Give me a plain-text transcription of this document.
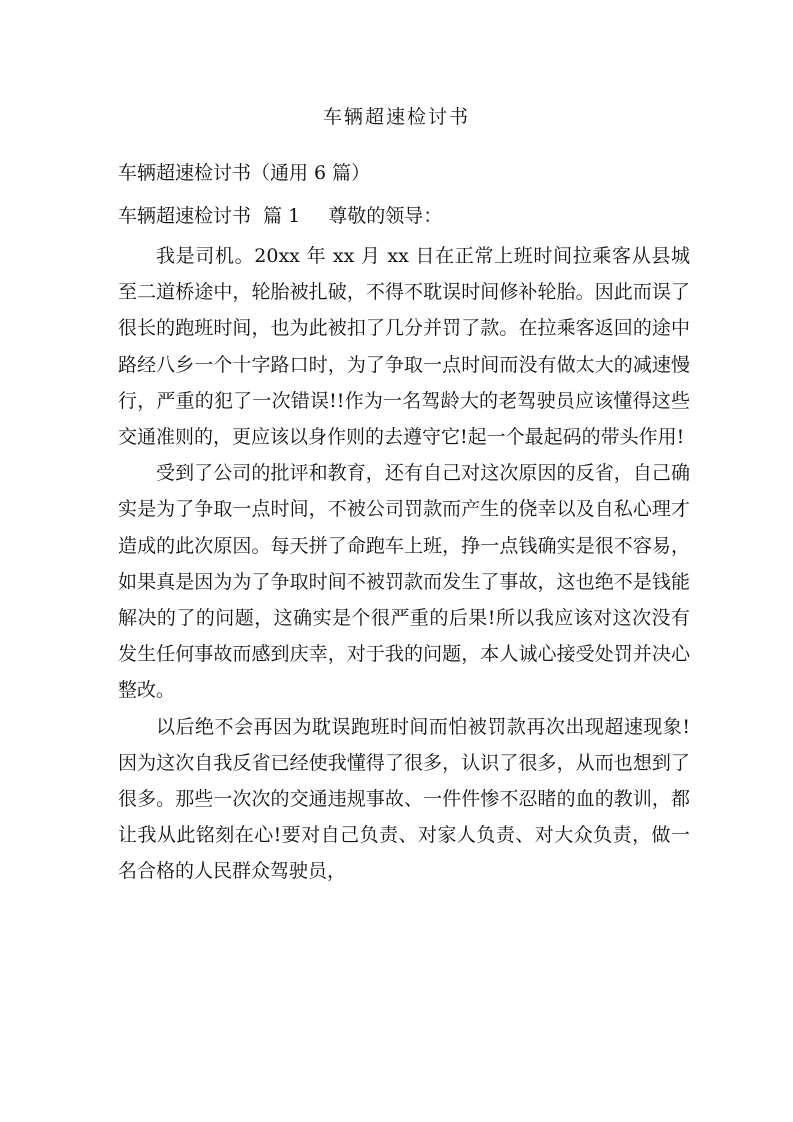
车辆超速检讨书
车辆超速检讨书（通用 6 篇）
车辆超速检讨书  篇 1 尊敬的领导：

我是司机。20xx 年 xx 月 xx 日在正常上班时间拉乘客从县城至二道桥途中，轮胎被扎破，不得不耽误时间修补轮胎。因此而误了很长的跑班时间，也为此被扣了几分并罚了款。在拉乘客返回的途中路经八乡一个十字路口时，为了争取一点时间而没有做太大的减速慢行，严重的犯了一次错误!!作为一名驾龄大的老驾驶员应该懂得这些交通准则的，更应该以身作则的去遵守它!起一个最起码的带头作用!

受到了公司的批评和教育，还有自己对这次原因的反省，自己确实是为了争取一点时间，不被公司罚款而产生的侥幸以及自私心理才造成的此次原因。每天拼了命跑车上班，挣一点钱确实是很不容易，如果真是因为为了争取时间不被罚款而发生了事故，这也绝不是钱能解决的了的问题，这确实是个很严重的后果!所以我应该对这次没有发生任何事故而感到庆幸，对于我的问题，本人诚心接受处罚并决心整改。

以后绝不会再因为耽误跑班时间而怕被罚款再次出现超速现象!因为这次自我反省已经使我懂得了很多，认识了很多，从而也想到了很多。那些一次次的交通违规事故、一件件惨不忍睹的血的教训，都让我从此铭刻在心!要对自己负责、对家人负责、对大众负责，做一名合格的人民群众驾驶员，
